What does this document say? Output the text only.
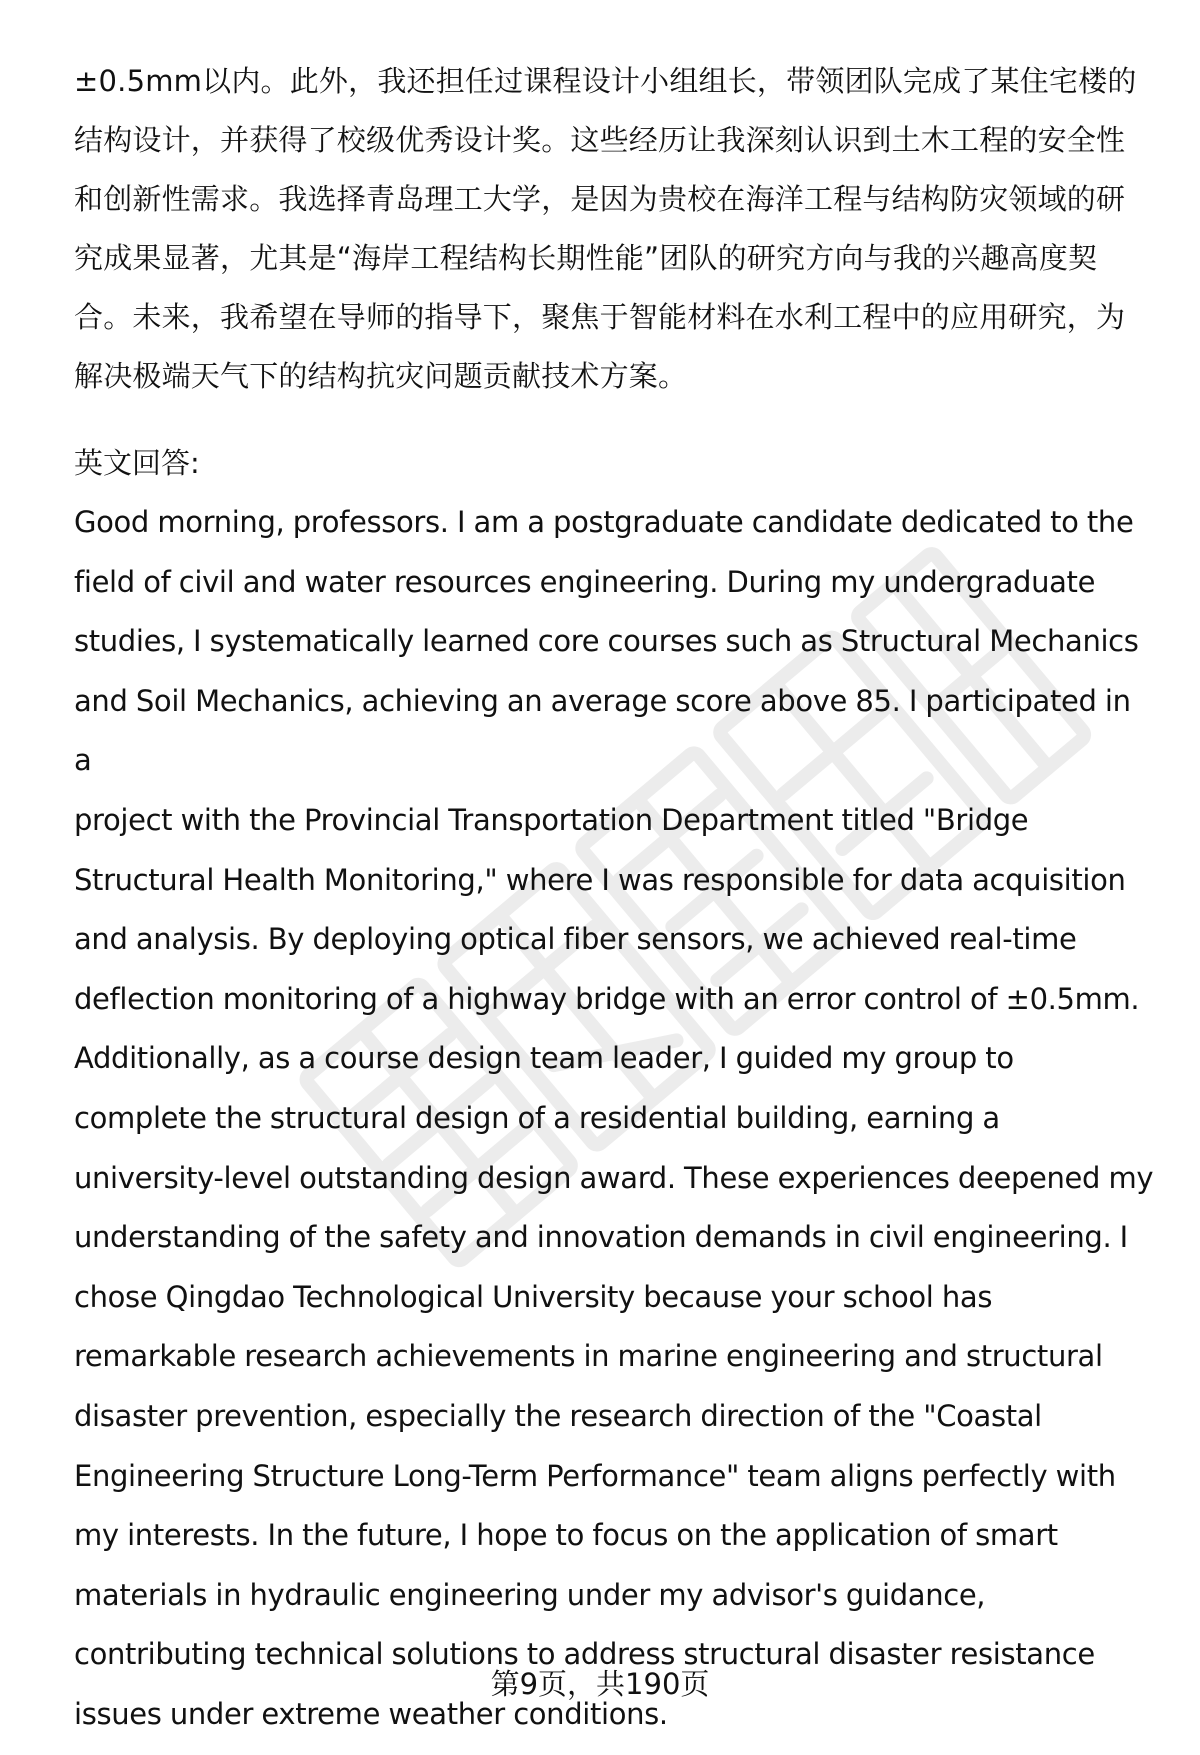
±0.5mm以内。此外，我还担任过课程设计小组组长，带领团队完成了某住宅楼的
结构设计，并获得了校级优秀设计奖。这些经历让我深刻认识到土木工程的安全性
和创新性需求。我选择青岛理工大学，是因为贵校在海洋工程与结构防灾领域的研
究成果显著，尤其是“海岸工程结构长期性能”团队的研究方向与我的兴趣高度契
合。未来，我希望在导师的指导下，聚焦于智能材料在水利工程中的应用研究，为
解决极端天气下的结构抗灾问题贡献技术方案。

英文回答:

Good morning, professors. I am a postgraduate candidate dedicated to the
field of civil and water resources engineering. During my undergraduate
studies, I systematically learned core courses such as Structural Mechanics
and Soil Mechanics, achieving an average score above 85. I participated in a
project with the Provincial Transportation Department titled "Bridge
Structural Health Monitoring," where I was responsible for data acquisition
and analysis. By deploying optical fiber sensors, we achieved real-time
deflection monitoring of a highway bridge with an error control of ±0.5mm.
Additionally, as a course design team leader, I guided my group to
complete the structural design of a residential building, earning a
university-level outstanding design award. These experiences deepened my
understanding of the safety and innovation demands in civil engineering. I
chose Qingdao Technological University because your school has
remarkable research achievements in marine engineering and structural
disaster prevention, especially the research direction of the "Coastal
Engineering Structure Long-Term Performance" team aligns perfectly with
my interests. In the future, I hope to focus on the application of smart
materials in hydraulic engineering under my advisor's guidance,
contributing technical solutions to address structural disaster resistance
issues under extreme weather conditions.

第9页，共190页
